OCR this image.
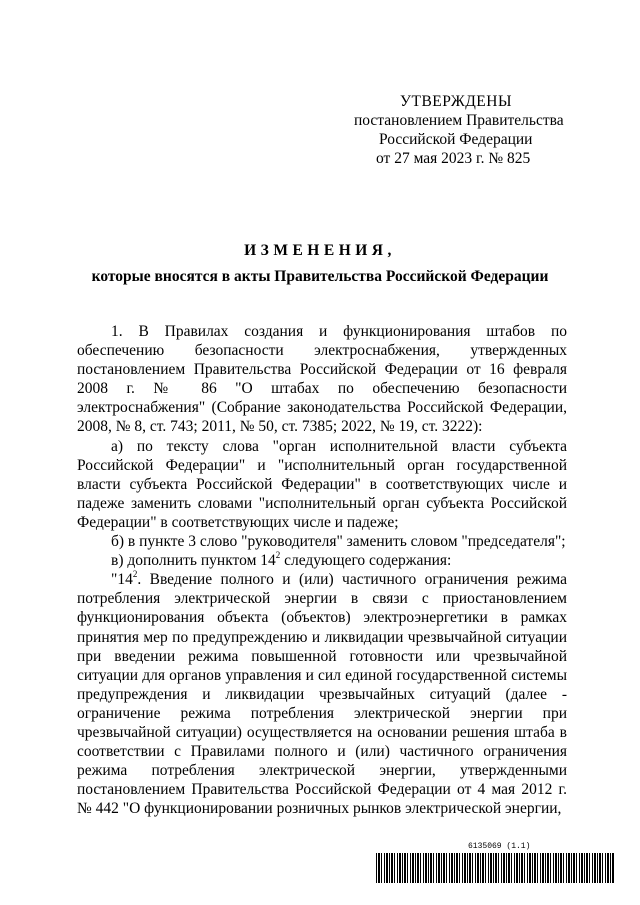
УТВЕРЖДЕНЫ
постановлением Правительства
Российской Федерации
от 27 мая 2023 г. № 825
ИЗМЕНЕНИЯ,
которые вносятся в акты Правительства Российской Федерации

1. В Правилах создания и функционирования штабов по обеспечению безопасности электроснабжения, утвержденных постановлением Правительства Российской Федерации от 16 февраля 2008 г. № 86 "О штабах по обеспечению безопасности электроснабжения" (Собрание законодательства Российской Федерации, 2008, № 8, ст. 743; 2011, № 50, ст. 7385; 2022, № 19, ст. 3222):

а) по тексту слова "орган исполнительной власти субъекта Российской Федерации" и "исполнительный орган государственной власти субъекта Российской Федерации" в соответствующих числе и падеже заменить словами "исполнительный орган субъекта Российской Федерации" в соответствующих числе и падеже;

б) в пункте 3 слово "руководителя" заменить словом "председателя";

в) дополнить пунктом $14^2$ следующего содержания:

"$14^2$. Введение полного и (или) частичного ограничения режима потребления электрической энергии в связи с приостановлением функционирования объекта (объектов) электроэнергетики в рамках принятия мер по предупреждению и ликвидации чрезвычайной ситуации при введении режима повышенной готовности или чрезвычайной ситуации для органов управления и сил единой государственной системы предупреждения и ликвидации чрезвычайных ситуаций (далее - ограничение режима потребления электрической энергии при чрезвычайной ситуации) осуществляется на основании решения штаба в соответствии с Правилами полного и (или) частичного ограничения режима потребления электрической энергии, утвержденными постановлением Правительства Российской Федерации от 4 мая 2012 г. № 442 "О функционировании розничных рынков электрической энергии,

6135069 (1.1)
